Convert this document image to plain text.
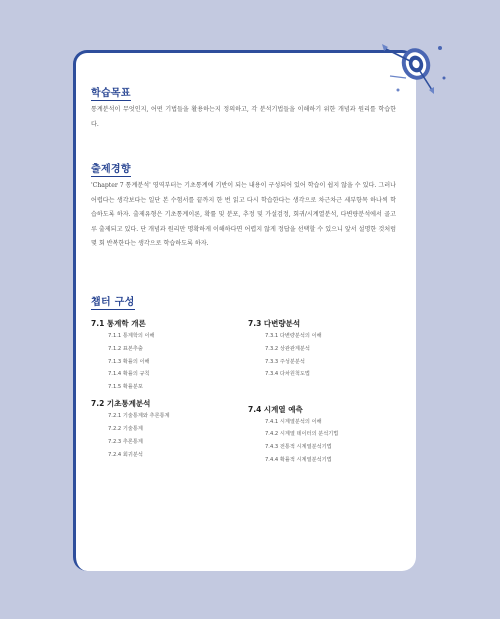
학습목표

통계분석이 무엇인지, 어떤 기법들을 활용하는지 정의하고, 각 분석기법들을 이해하기 위한 개념과 원리를 학습한다.

출제경향

'Chapter 7 통계분석' 영역부터는 기초통계에 기반이 되는 내용이 구성되어 있어 학습이 쉽지 않을 수 있다. 그러나 어렵다는 생각보다는 일단 본 수험서를 끝까지 한 번 읽고 다시 학습한다는 생각으로 차근차근 세부항목 하나씩 학습하도록 하자. 출제유형은 기초통계이론, 확률 및 분포, 추정 및 가설검정, 회귀/시계열분석, 다변량분석에서 골고루 출제되고 있다. 단 개념과 원리만 명확하게 이해하다면 어렵지 않게 정답을 선택할 수 있으니 앞서 설명한 것처럼 몇 회 반복한다는 생각으로 학습하도록 하자.

챕터 구성
7.1 통계학 개론
7.1.1 통계학의 이해
7.1.2 표본추출
7.1.3 확률의 이해
7.1.4 확률의 규칙
7.1.5 확률분포
7.2 기초통계분석
7.2.1 기술통계와 추론통계
7.2.2 기술통계
7.2.3 추론통계
7.2.4 회귀분석
7.3 다변량분석
7.3.1 다변량분석의 이해
7.3.2 상관관계분석
7.3.3 주성분분석
7.3.4 다차원척도법
7.4 시계열 예측
7.4.1 시계열분석의 이해
7.4.2 시계열 데이터의 분석기법
7.4.3 전통적 시계열분석기법
7.4.4 확률적 시계열분석기법
